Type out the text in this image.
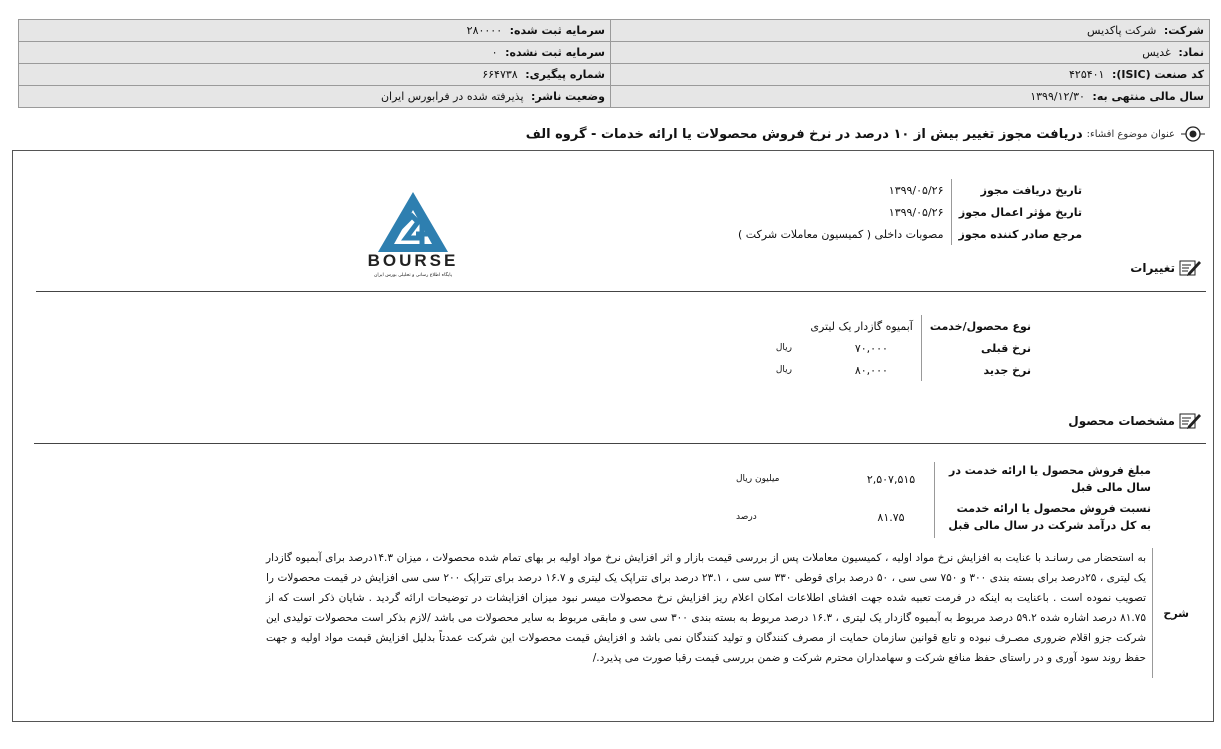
شرکت: شرکت پاکدیس	سرمایه ثبت شده: ۲۸۰۰۰۰
نماد: غدیس	سرمایه ثبت نشده: ۰
کد صنعت (ISIC): ۴۲۵۴۰۱	شماره پیگیری: ۶۶۴۷۳۸
سال مالی منتهی به: ۱۳۹۹/۱۲/۳۰	وضعیت ناشر: پذیرفته شده در فرابورس ایران
عنوان موضوع افشاء:
دریافت مجوز تغییر بیش از ۱۰ درصد در نرخ فروش محصولات یا ارائه خدمات - گروه الف
تاریخ دریافت مجوز	۱۳۹۹/۰۵/۲۶
تاریخ مؤثر اعمال مجوز	۱۳۹۹/۰۵/۲۶
مرجع صادر کننده مجوز	مصوبات داخلی ( کمیسیون معاملات شرکت )
BOURSE
پایگاه اطلاع رسانی و تحلیلی بورس ایران
تغییرات
نوع محصول/خدمت	آبمیوه گازدار یک لیتری	
نرخ قبلی	۷۰,۰۰۰	ریال
نرخ جدید	۸۰,۰۰۰	ریال
مشخصات محصول
مبلغ فروش محصول یا ارائه خدمت در سال مالی قبل	۲,۵۰۷,۵۱۵	میلیون ریال
نسبت فروش محصول یا ارائه خدمت به کل درآمد شرکت در سال مالی قبل	۸۱.۷۵	درصد
شرح
به استحضار می رسانـد با عنایت به افزایش نرخ مواد اولیه ، کمیسیون معاملات پس از بررسی قیمت بازار و اثر افزایش نرخ مواد اولیه بر بهای تمام شده محصولات ، میزان ۱۴.۳درصد برای آبمیوه گازدار یک لیتری ، ۲۵درصد برای بسته بندی ۳۰۰ و ۷۵۰ سی سی ، ۵۰ درصد برای قوطی ۳۳۰ سی سی ، ۲۳.۱ درصد برای تتراپک یک لیتری و ۱۶.۷ درصد برای تتراپک ۲۰۰ سی سی افزایش در قیمت محصولات را تصویب نموده است . باعنایت به اینکه در فرمت تعبیه شده جهت افشای اطلاعات امکان اعلام ریز افزایش نرخ محصولات میسر نبود میزان افزایشات در توضیحات ارائه گردید . شایان ذکر است که از ۸۱.۷۵ درصد اشاره شده ۵۹.۲ درصد مربوط به آبمیوه گازدار یک لیتری ، ۱۶.۳ درصد مربوط به بسته بندی ۳۰۰ سی سی و مابقی مربوط به سایر محصولات می باشد /لازم بذکر است محصولات تولیدی این شرکت جزو اقلام ضروری مصـرف نبوده و تابع قوانین سازمان حمایت از مصرف کنندگان و تولید کنندگان نمی باشد و افزایش قیمت محصولات این شرکت عمدتاً بدلیل افزایش قیمت مواد اولیه و جهت حفظ روند سود آوری و در راستای حفظ منافع شرکت و سهامداران محترم شرکت و ضمن بررسی قیمت رقبا صورت می پذیرد./
